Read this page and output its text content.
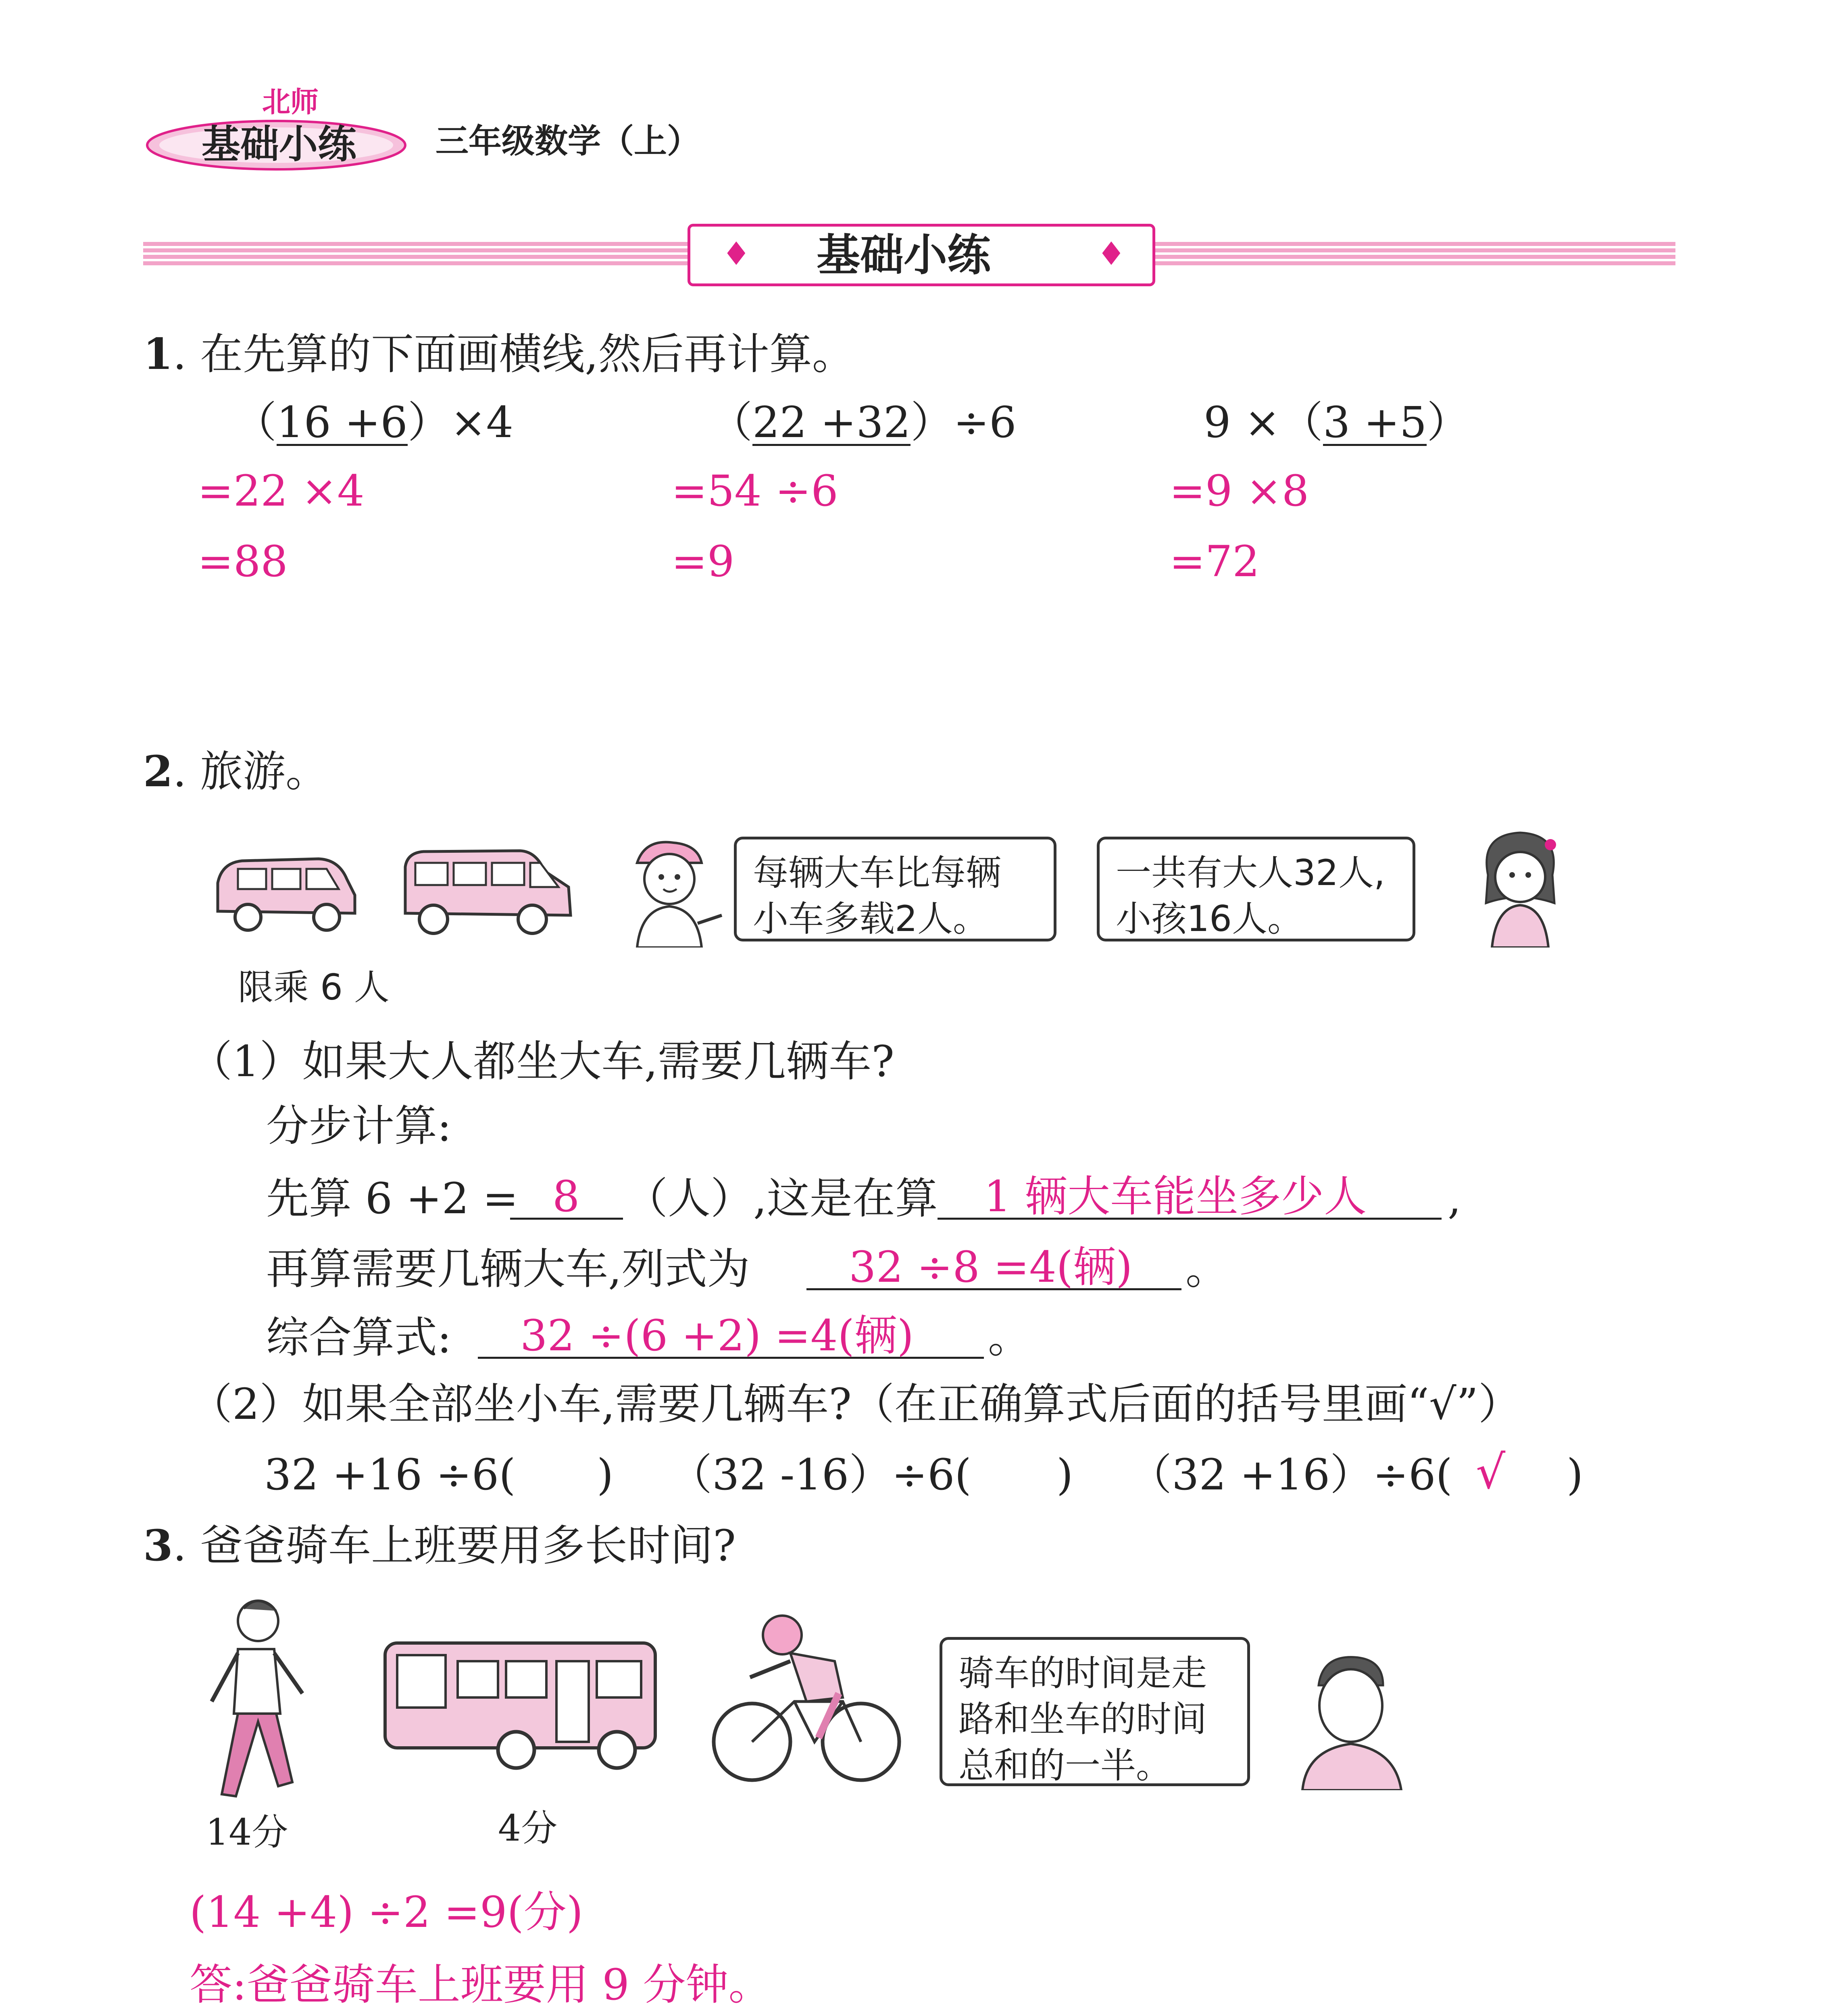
北师
基础小练 三年级数学（上）
♦	♦
基础小练
1. 在先算的下面画横线,然后再计算。
（16 +6）×4
=22 ×4
=88
（22 +32）÷6
=54 ÷6
=9
9 ×（3 +5）
=9 ×8
=72
2. 旅游。
每辆大车比每辆
小车多载2人。
一共有大人32人,
小孩16人。
限乘 6 人
（1）如果大人都坐大车,需要几辆车?
分步计算:
先算 6 +2 = 8 （人）,这是在算 1 辆大车能坐多少人 ,
再算需要几辆大车,列式为 32 ÷8 =4(辆) 。
综合算式: 32 ÷(6 +2) =4(辆) 。
（2）如果全部坐小车,需要几辆车?（在正确算式后面的括号里画“√”）
32 +16 ÷6( ) （32 -16）÷6( ) （32 +16）÷6( √ )
3. 爸爸骑车上班要用多长时间?
14分	4分
骑车的时间是走
路和坐车的时间
总和的一半。
(14 +4) ÷2 =9(分)
答:爸爸骑车上班要用 9 分钟。
